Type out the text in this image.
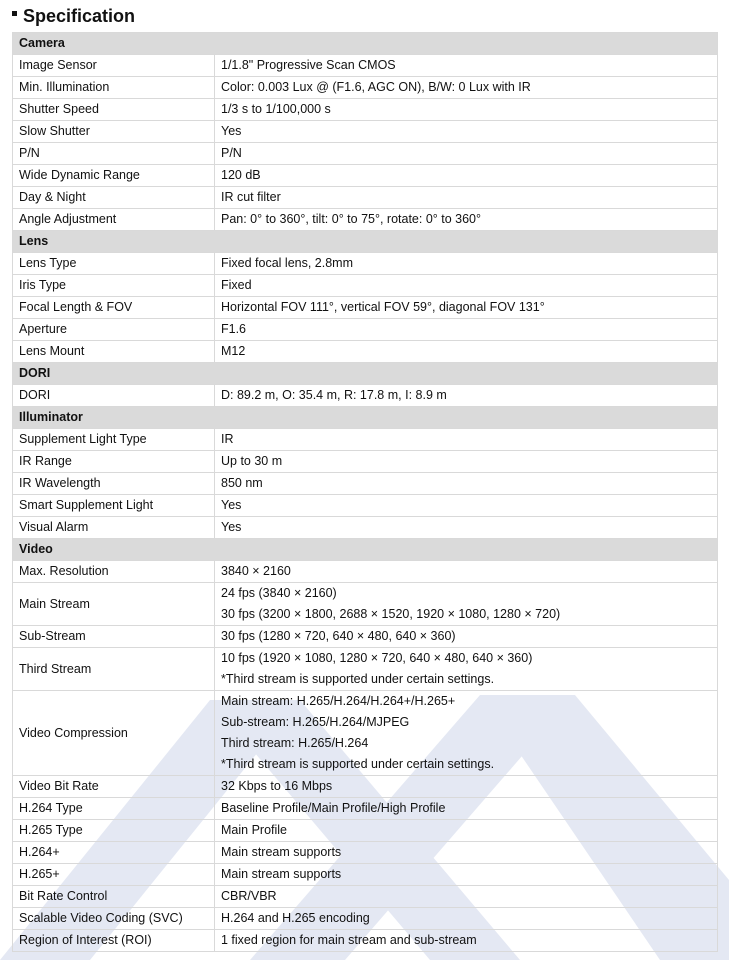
Specification
Camera	
Image Sensor	1/1.8" Progressive Scan CMOS

Min. Illumination	Color: 0.003 Lux @ (F1.6, AGC ON), B/W: 0 Lux with IR

Shutter Speed	1/3 s to 1/100,000 s

Slow Shutter	Yes

P/N	P/N

Wide Dynamic Range	120 dB

Day & Night	IR cut filter

Angle Adjustment	Pan: 0° to 360°, tilt: 0° to 75°, rotate: 0° to 360°

Lens	
Lens Type	Fixed focal lens, 2.8mm

Iris Type	Fixed

Focal Length & FOV	Horizontal FOV 111°, vertical FOV 59°, diagonal FOV 131°

Aperture	F1.6

Lens Mount	M12

DORI	
DORI	D: 89.2 m, O: 35.4 m, R: 17.8 m, I: 8.9 m

Illuminator	
Supplement Light Type	IR

IR Range	Up to 30 m

IR Wavelength	850 nm

Smart Supplement Light	Yes

Visual Alarm	Yes

Video	
Max. Resolution	3840 × 2160

Main Stream	24 fps (3840 × 2160)
30 fps (3200 × 1800, 2688 × 1520, 1920 × 1080, 1280 × 720)

Sub-Stream	30 fps (1280 × 720, 640 × 480, 640 × 360)

Third Stream	10 fps (1920 × 1080, 1280 × 720, 640 × 480, 640 × 360)
*Third stream is supported under certain settings.

Video Compression	Main stream: H.265/H.264/H.264+/H.265+
Sub-stream: H.265/H.264/MJPEG
Third stream: H.265/H.264
*Third stream is supported under certain settings.

Video Bit Rate	32 Kbps to 16 Mbps

H.264 Type	Baseline Profile/Main Profile/High Profile

H.265 Type	Main Profile

H.264+	Main stream supports

H.265+	Main stream supports

Bit Rate Control	CBR/VBR

Scalable Video Coding (SVC)	H.264 and H.265 encoding

Region of Interest (ROI)	1 fixed region for main stream and sub-stream
